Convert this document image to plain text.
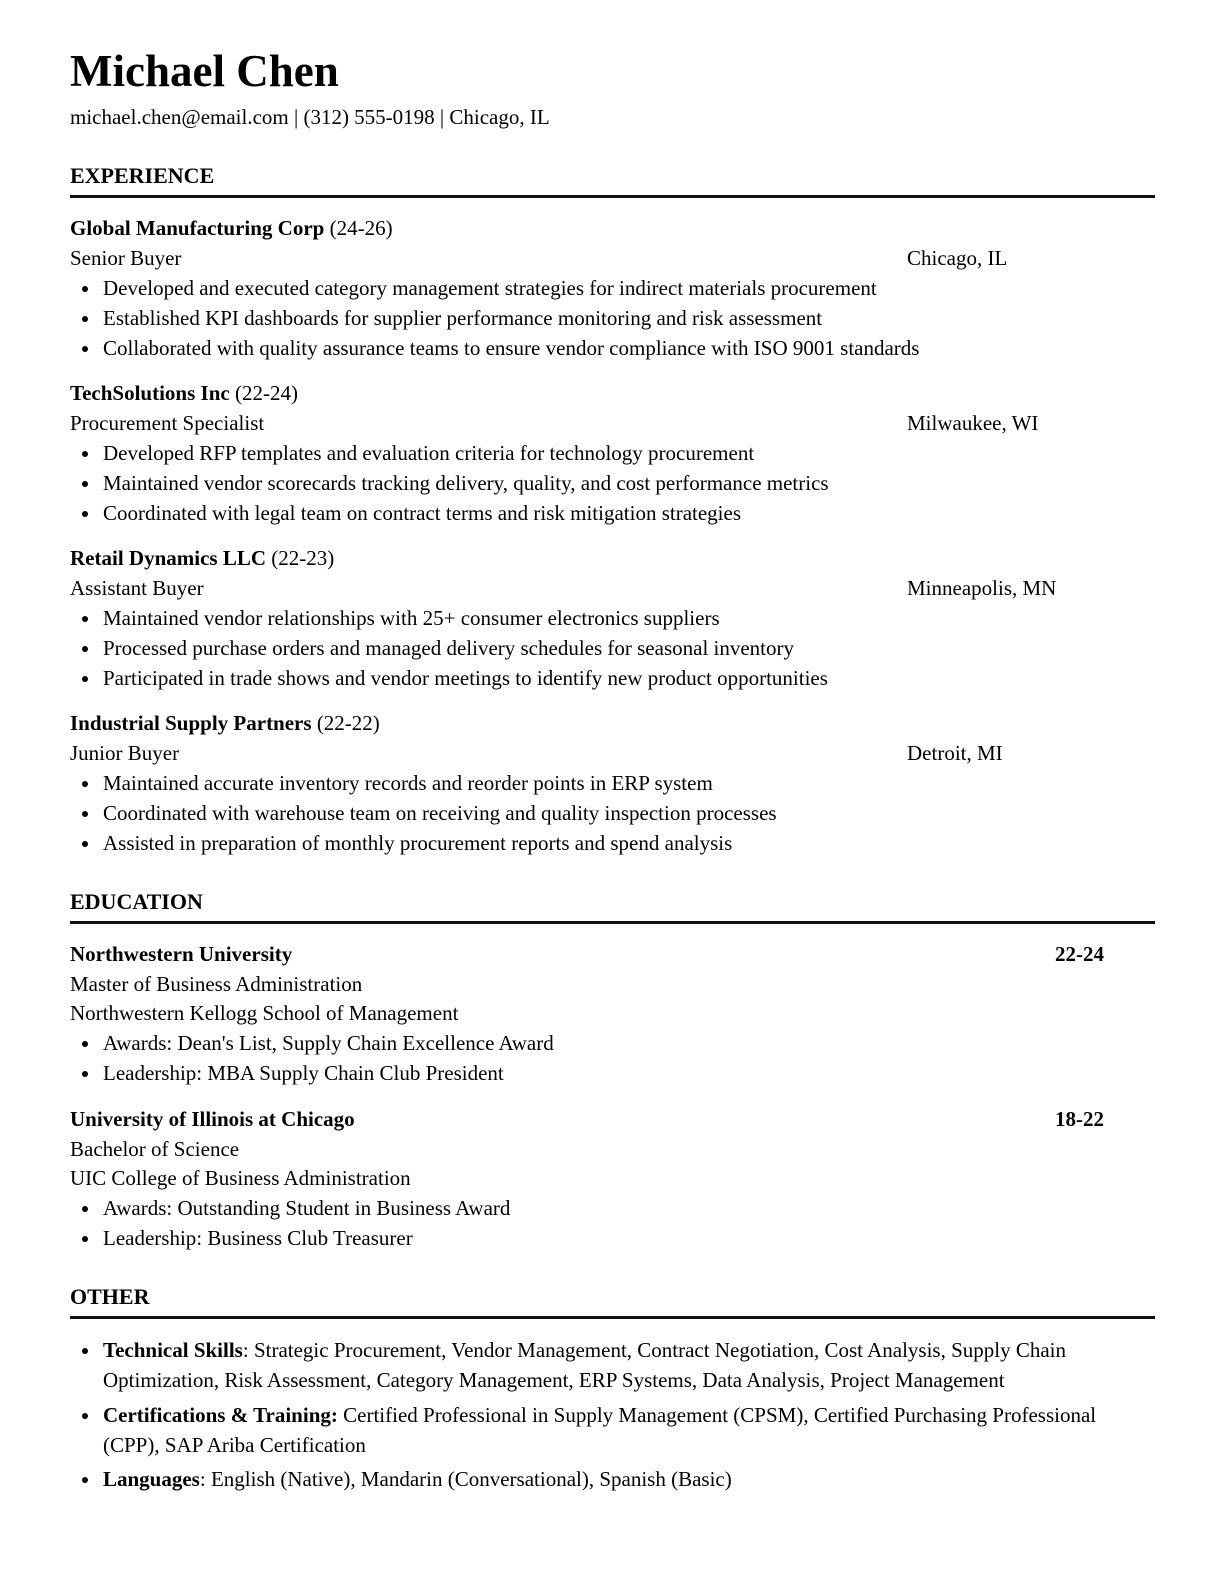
Michael Chen

michael.chen@email.com | (312) 555-0198 | Chicago, IL

EXPERIENCE
Global Manufacturing Corp (24-26)
Senior Buyer	Chicago, IL
• Developed and executed category management strategies for indirect materials procurement
• Established KPI dashboards for supplier performance monitoring and risk assessment
• Collaborated with quality assurance teams to ensure vendor compliance with ISO 9001 standards
TechSolutions Inc (22-24)
Procurement Specialist	Milwaukee, WI
• Developed RFP templates and evaluation criteria for technology procurement
• Maintained vendor scorecards tracking delivery, quality, and cost performance metrics
• Coordinated with legal team on contract terms and risk mitigation strategies
Retail Dynamics LLC (22-23)
Assistant Buyer	Minneapolis, MN
• Maintained vendor relationships with 25+ consumer electronics suppliers
• Processed purchase orders and managed delivery schedules for seasonal inventory
• Participated in trade shows and vendor meetings to identify new product opportunities
Industrial Supply Partners (22-22)
Junior Buyer	Detroit, MI
• Maintained accurate inventory records and reorder points in ERP system
• Coordinated with warehouse team on receiving and quality inspection processes
• Assisted in preparation of monthly procurement reports and spend analysis
EDUCATION
Northwestern University	22-24
Master of Business Administration
Northwestern Kellogg School of Management
• Awards: Dean's List, Supply Chain Excellence Award
• Leadership: MBA Supply Chain Club President
University of Illinois at Chicago	18-22
Bachelor of Science
UIC College of Business Administration
• Awards: Outstanding Student in Business Award
• Leadership: Business Club Treasurer
OTHER
• Technical Skills: Strategic Procurement, Vendor Management, Contract Negotiation, Cost Analysis, Supply Chain Optimization, Risk Assessment, Category Management, ERP Systems, Data Analysis, Project Management
• Certifications & Training: Certified Professional in Supply Management (CPSM), Certified Purchasing Professional (CPP), SAP Ariba Certification
• Languages: English (Native), Mandarin (Conversational), Spanish (Basic)
